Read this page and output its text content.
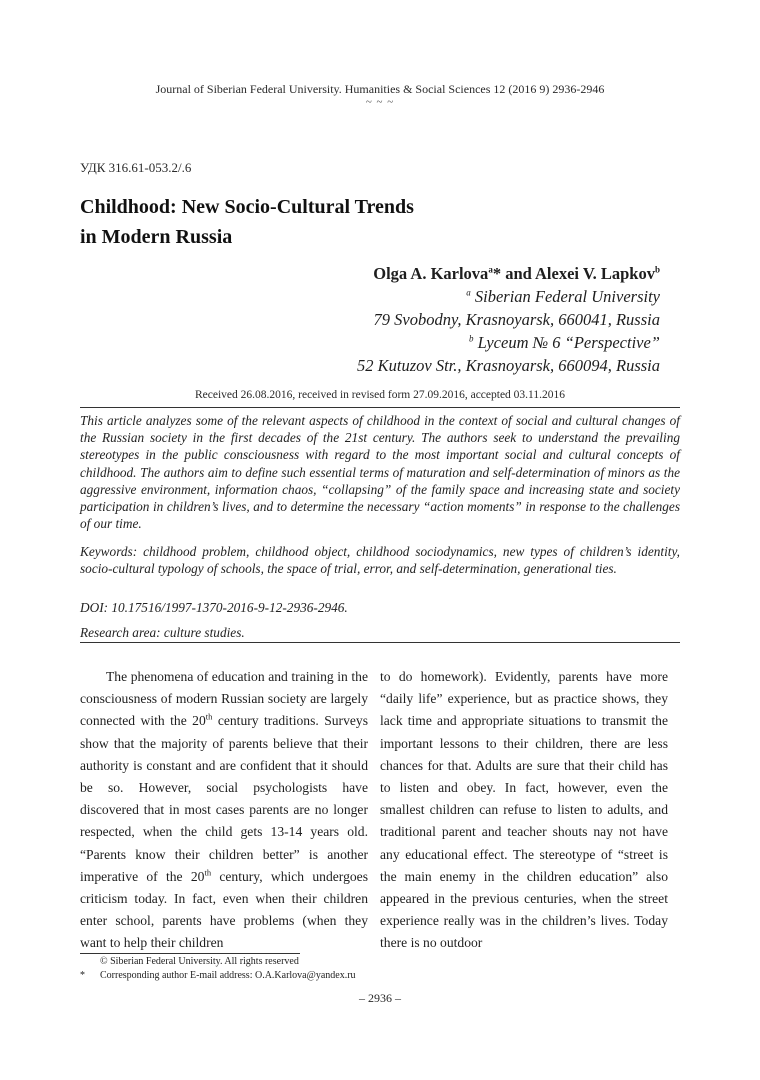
Journal of Siberian Federal University. Humanities & Social Sciences 12 (2016 9) 2936-2946
~ ~ ~
УДК 316.61-053.2/.6
Childhood: New Socio-Cultural Trends
in Modern Russia
Olga A. Karlova$^a$* and Alexei V. Lapkov$^b$
$^a$ Siberian Federal University
79 Svobodny, Krasnoyarsk, 660041, Russia
$^b$ Lyceum № 6 “Perspective”
52 Kutuzov Str., Krasnoyarsk, 660094, Russia
Received 26.08.2016, received in revised form 27.09.2016, accepted 03.11.2016

This article analyzes some of the relevant aspects of childhood in the context of social and cultural changes of the Russian society in the first decades of the 21st century. The authors seek to understand the prevailing stereotypes in the public consciousness with regard to the most important social and cultural concepts of childhood. The authors aim to define such essential terms of maturation and self-determination of minors as the aggressive environment, information chaos, “collapsing” of the family space and increasing state and society participation in children’s lives, and to determine the necessary “action moments” in response to the challenges of our time.

Keywords: childhood problem, childhood object, childhood sociodynamics, new types of children’s identity, socio-cultural typology of schools, the space of trial, error, and self-determination, generational ties.

DOI: 10.17516/1997-1370-2016-9-12-2936-2946.

Research area: culture studies.

The phenomena of education and training in the consciousness of modern Russian society are largely connected with the 20th century traditions. Surveys show that the majority of parents believe that their authority is constant and are confident that it should be so. However, social psychologists have discovered that in most cases parents are no longer respected, when the child gets 13-14 years old. “Parents know their children better” is another imperative of the 20th century, which undergoes criticism today. In fact, even when their children enter school, parents have problems (when they want to help their children

to do homework). Evidently, parents have more “daily life” experience, but as practice shows, they lack time and appropriate situations to transmit the important lessons to their children, there are less chances for that. Adults are sure that their child has to listen and obey. In fact, however, even the smallest children can refuse to listen to adults, and traditional parent and teacher shouts nay not have any educational effect. The stereotype of “street is the main enemy in the children education” also appeared in the previous centuries, when the street experience really was in the children’s lives. Today there is no outdoor

© Siberian Federal University. All rights reserved
*	Corresponding author E-mail address: O.A.Karlova@yandex.ru
– 2936 –
